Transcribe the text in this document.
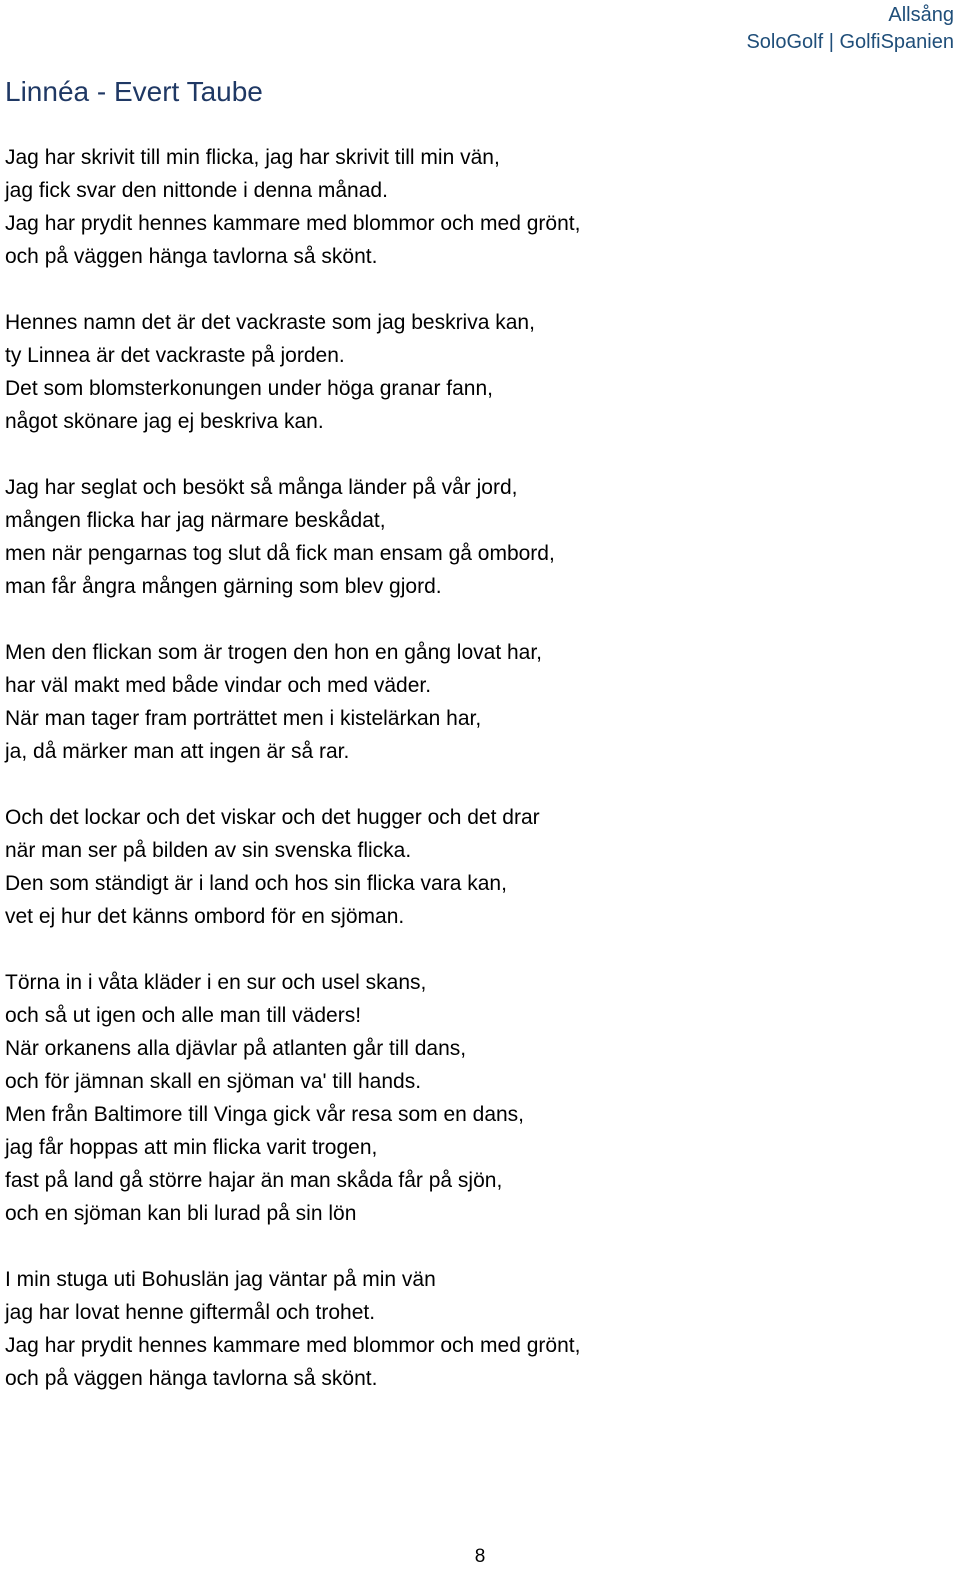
Allsång
SoloGolf | GolfiSpanien
Linnéa - Evert Taube
Jag har skrivit till min flicka, jag har skrivit till min vän,
jag fick svar den nittonde i denna månad.
Jag har prydit hennes kammare med blommor och med grönt,
och på väggen hänga tavlorna så skönt.
Hennes namn det är det vackraste som jag beskriva kan,
ty Linnea är det vackraste på jorden.
Det som blomsterkonungen under höga granar fann,
något skönare jag ej beskriva kan.
Jag har seglat och besökt så många länder på vår jord,
mången flicka har jag närmare beskådat,
men när pengarnas tog slut då fick man ensam gå ombord,
man får ångra mången gärning som blev gjord.
Men den flickan som är trogen den hon en gång lovat har,
har väl makt med både vindar och med väder.
När man tager fram porträttet men i kistelärkan har,
ja, då märker man att ingen är så rar.
Och det lockar och det viskar och det hugger och det drar
när man ser på bilden av sin svenska flicka.
Den som ständigt är i land och hos sin flicka vara kan,
vet ej hur det känns ombord för en sjöman.
Törna in i våta kläder i en sur och usel skans,
och så ut igen och alle man till väders!
När orkanens alla djävlar på atlanten går till dans,
och för jämnan skall en sjöman va' till hands.
Men från Baltimore till Vinga gick vår resa som en dans,
jag får hoppas att min flicka varit trogen,
fast på land gå större hajar än man skåda får på sjön,
och en sjöman kan bli lurad på sin lön
I min stuga uti Bohuslän jag väntar på min vän
jag har lovat henne giftermål och trohet.
Jag har prydit hennes kammare med blommor och med grönt,
och på väggen hänga tavlorna så skönt.
8
